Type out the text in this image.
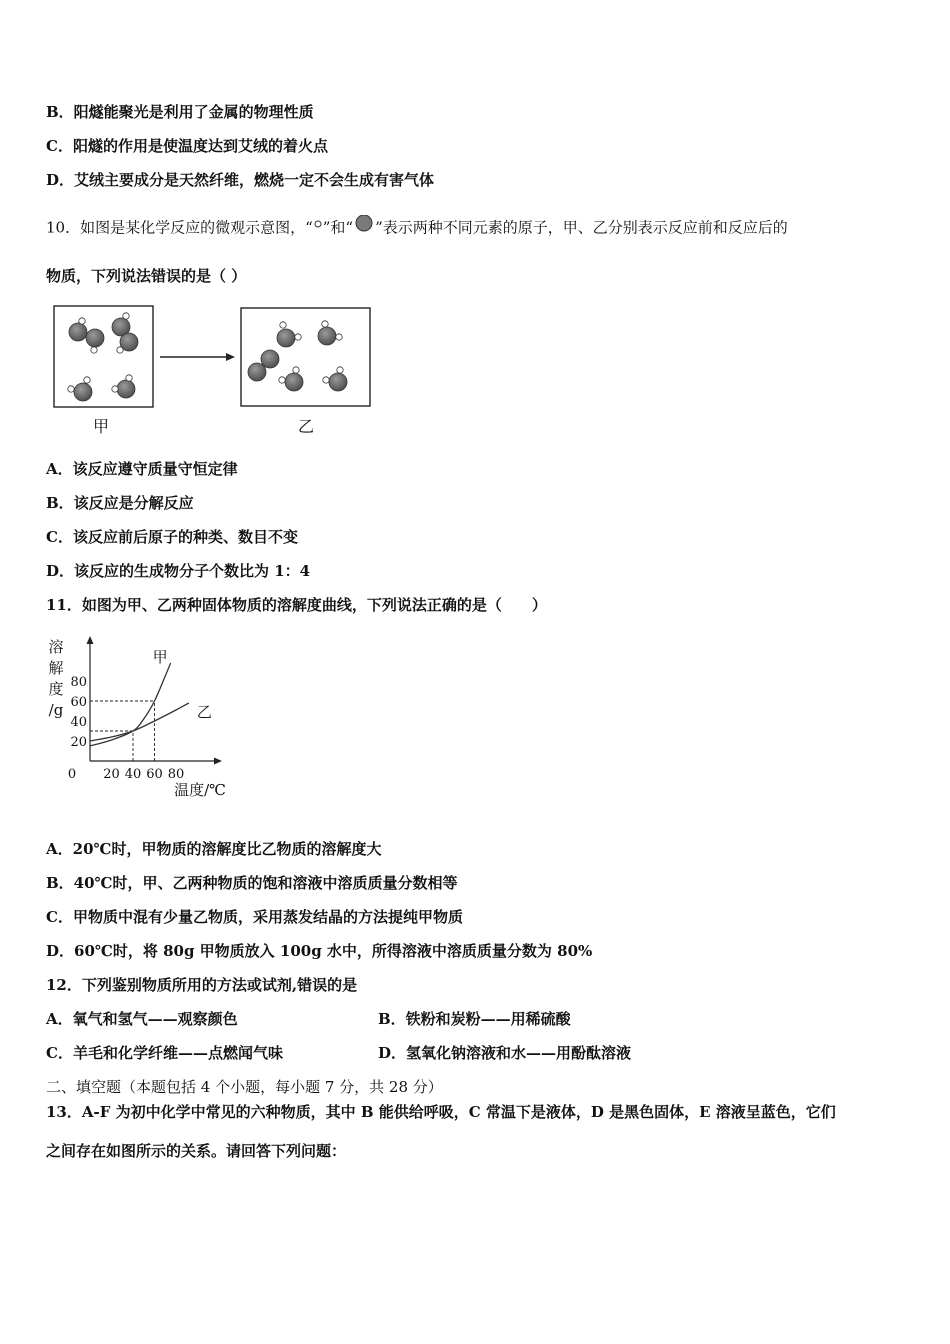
B．阳燧能聚光是利用了金属的物理性质
C．阳燧的作用是使温度达到艾绒的着火点
D．艾绒主要成分是天然纤维，燃烧一定不会生成有害气体
10．如图是某化学反应的微观示意图，“ ”和“ ”表示两种不同元素的原子，甲、乙分别表示反应前和反应后的
物质，下列说法错误的是（ ）
甲	乙
A．该反应遵守质量守恒定律
B．该反应是分解反应
C．该反应前后原子的种类、数目不变
D．该反应的生成物分子个数比为 1：4
11．如图为甲、乙两种固体物质的溶解度曲线，下列说法正确的是（　　）
0 20 40 60 80
20
40
60
80
甲
乙
溶
解
度
/g
温度/℃
A．20℃时，甲物质的溶解度比乙物质的溶解度大
B．40℃时，甲、乙两种物质的饱和溶液中溶质质量分数相等
C．甲物质中混有少量乙物质，采用蒸发结晶的方法提纯甲物质
D．60℃时，将 80g 甲物质放入 100g 水中，所得溶液中溶质质量分数为 80%
12．下列鉴别物质所用的方法或试剂,错误的是
A．氧气和氢气——观察颜色	B．铁粉和炭粉——用稀硫酸
C．羊毛和化学纤维——点燃闻气味	D．氢氧化钠溶液和水——用酚酞溶液
二、填空题（本题包括 4 个小题，每小题 7 分，共 28 分）
13．A-F 为初中化学中常见的六种物质，其中 B 能供给呼吸，C 常温下是液体，D 是黑色固体，E 溶液呈蓝色，它们
之间存在如图所示的关系。请回答下列问题：
